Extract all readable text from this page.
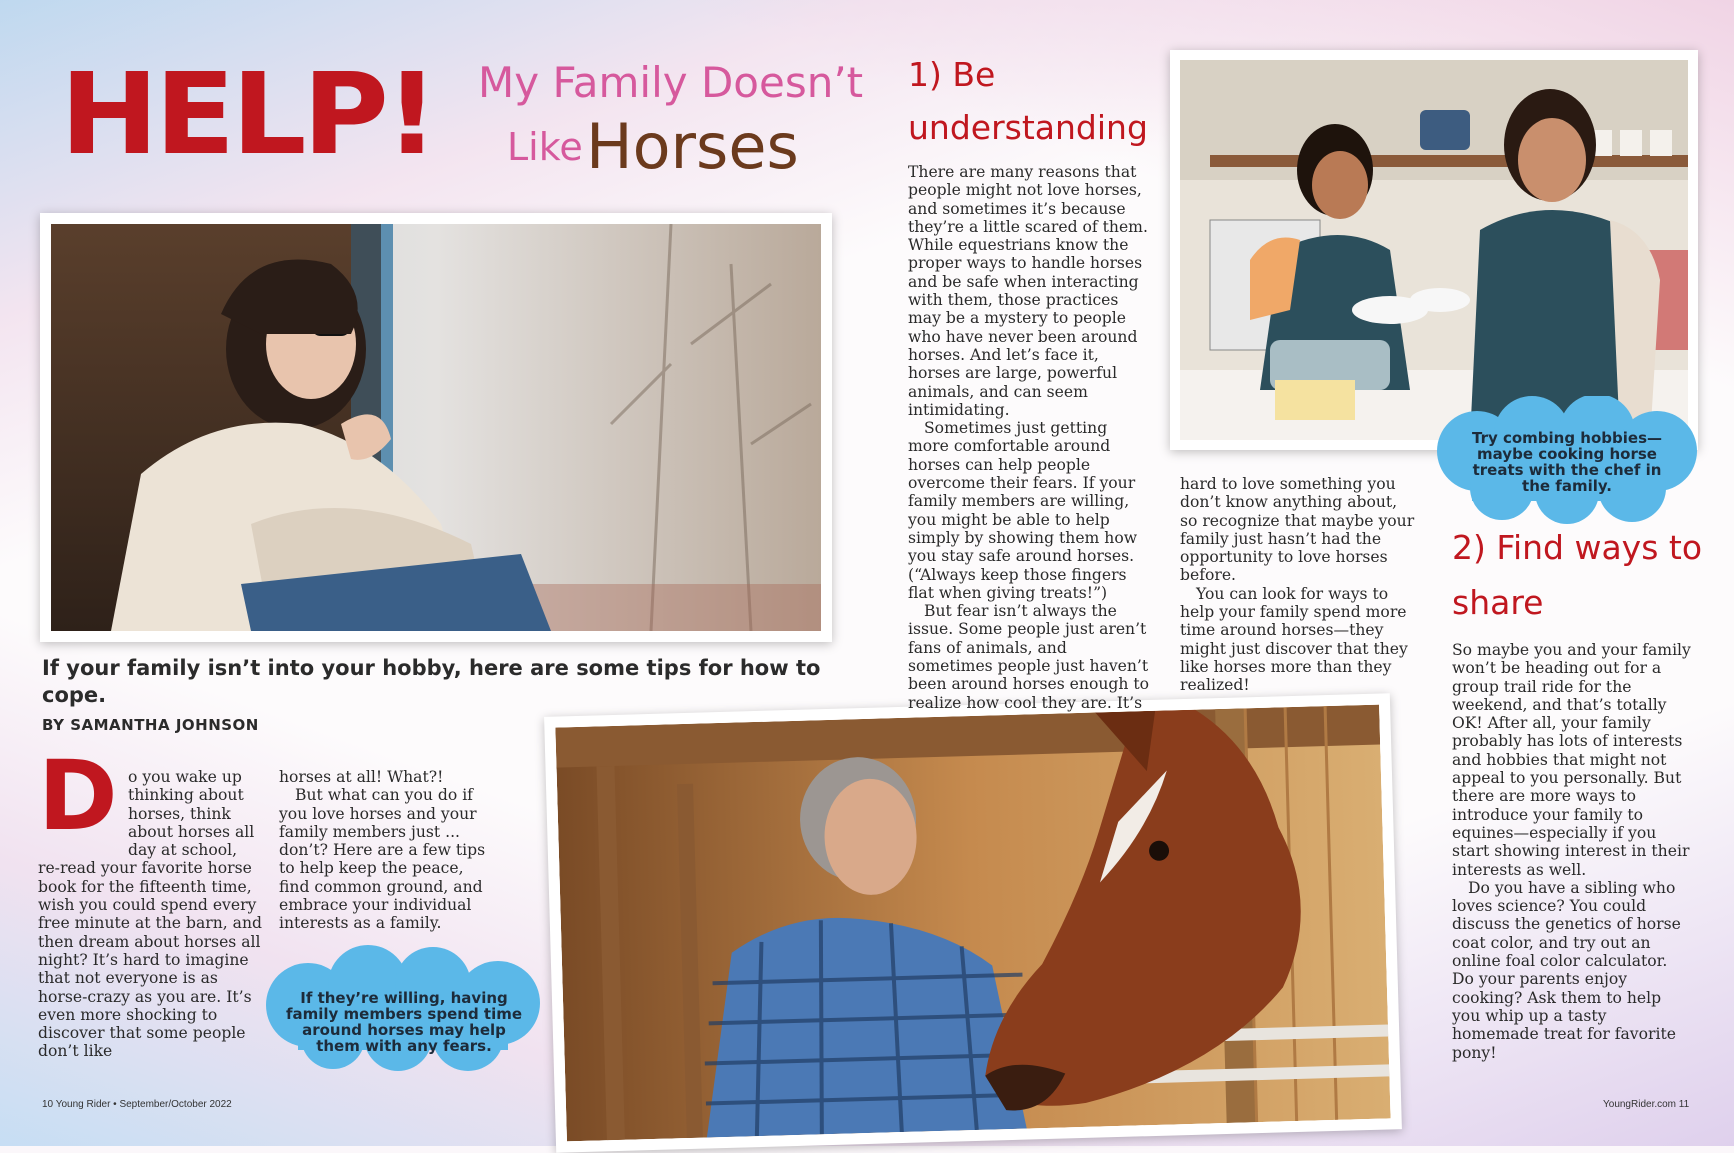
HELP! My Family Doesn’t
Like Horses
If your family isn’t into your hobby, here are some tips for how to cope.
BY SAMANTHA JOHNSON
D o you wake up

thinking about

horses, think

about horses all

day at school,

re-read your favorite horse book for the fifteenth time, wish you could spend every free minute at the barn, and then dream about horses all night? It’s hard to imagine that not everyone is as horse-crazy as you are. It’s even more shocking to discover that some people don’t like

horses at all! What?!

But what can you do if you love horses and your family members just ... don’t? Here are a few tips to help keep the peace, find common ground, and embrace your individual interests as a family.

If they’re willing, having family members spend time around horses may help them with any fears.
1) Be
understanding

There are many reasons that people might not love horses, and sometimes it’s because they’re a little scared of them. While equestrians know the proper ways to handle horses and be safe when interacting with them, those practices may be a mystery to people who have never been around horses. And let’s face it, horses are large, powerful animals, and can seem intimidating.

Sometimes just getting more comfortable around horses can help people overcome their fears. If your family members are willing, you might be able to help simply by showing them how you stay safe around horses. (“Always keep those fingers flat when giving treats!”)

But fear isn’t always the issue. Some people just aren’t fans of animals, and sometimes people just haven’t been around horses enough to realize how cool they are. It’s

hard to love something you don’t know anything about, so recognize that maybe your family just hasn’t had the opportunity to love horses before.

You can look for ways to help your family spend more time around horses—they might just discover that they like horses more than they realized!

Try combing hobbies—maybe cooking horse treats with the chef in the family.
2) Find ways to
share

So maybe you and your family won’t be heading out for a group trail ride for the weekend, and that’s totally OK! After all, your family probably has lots of interests and hobbies that might not appeal to you personally. But there are more ways to introduce your family to equines—especially if you start showing interest in their interests as well.

Do you have a sibling who loves science? You could discuss the genetics of horse coat color, and try out an online foal color calculator. Do your parents enjoy cooking? Ask them to help you whip up a tasty homemade treat for favorite pony!

10 Young Rider • September/October 2022	YoungRider.com 11
